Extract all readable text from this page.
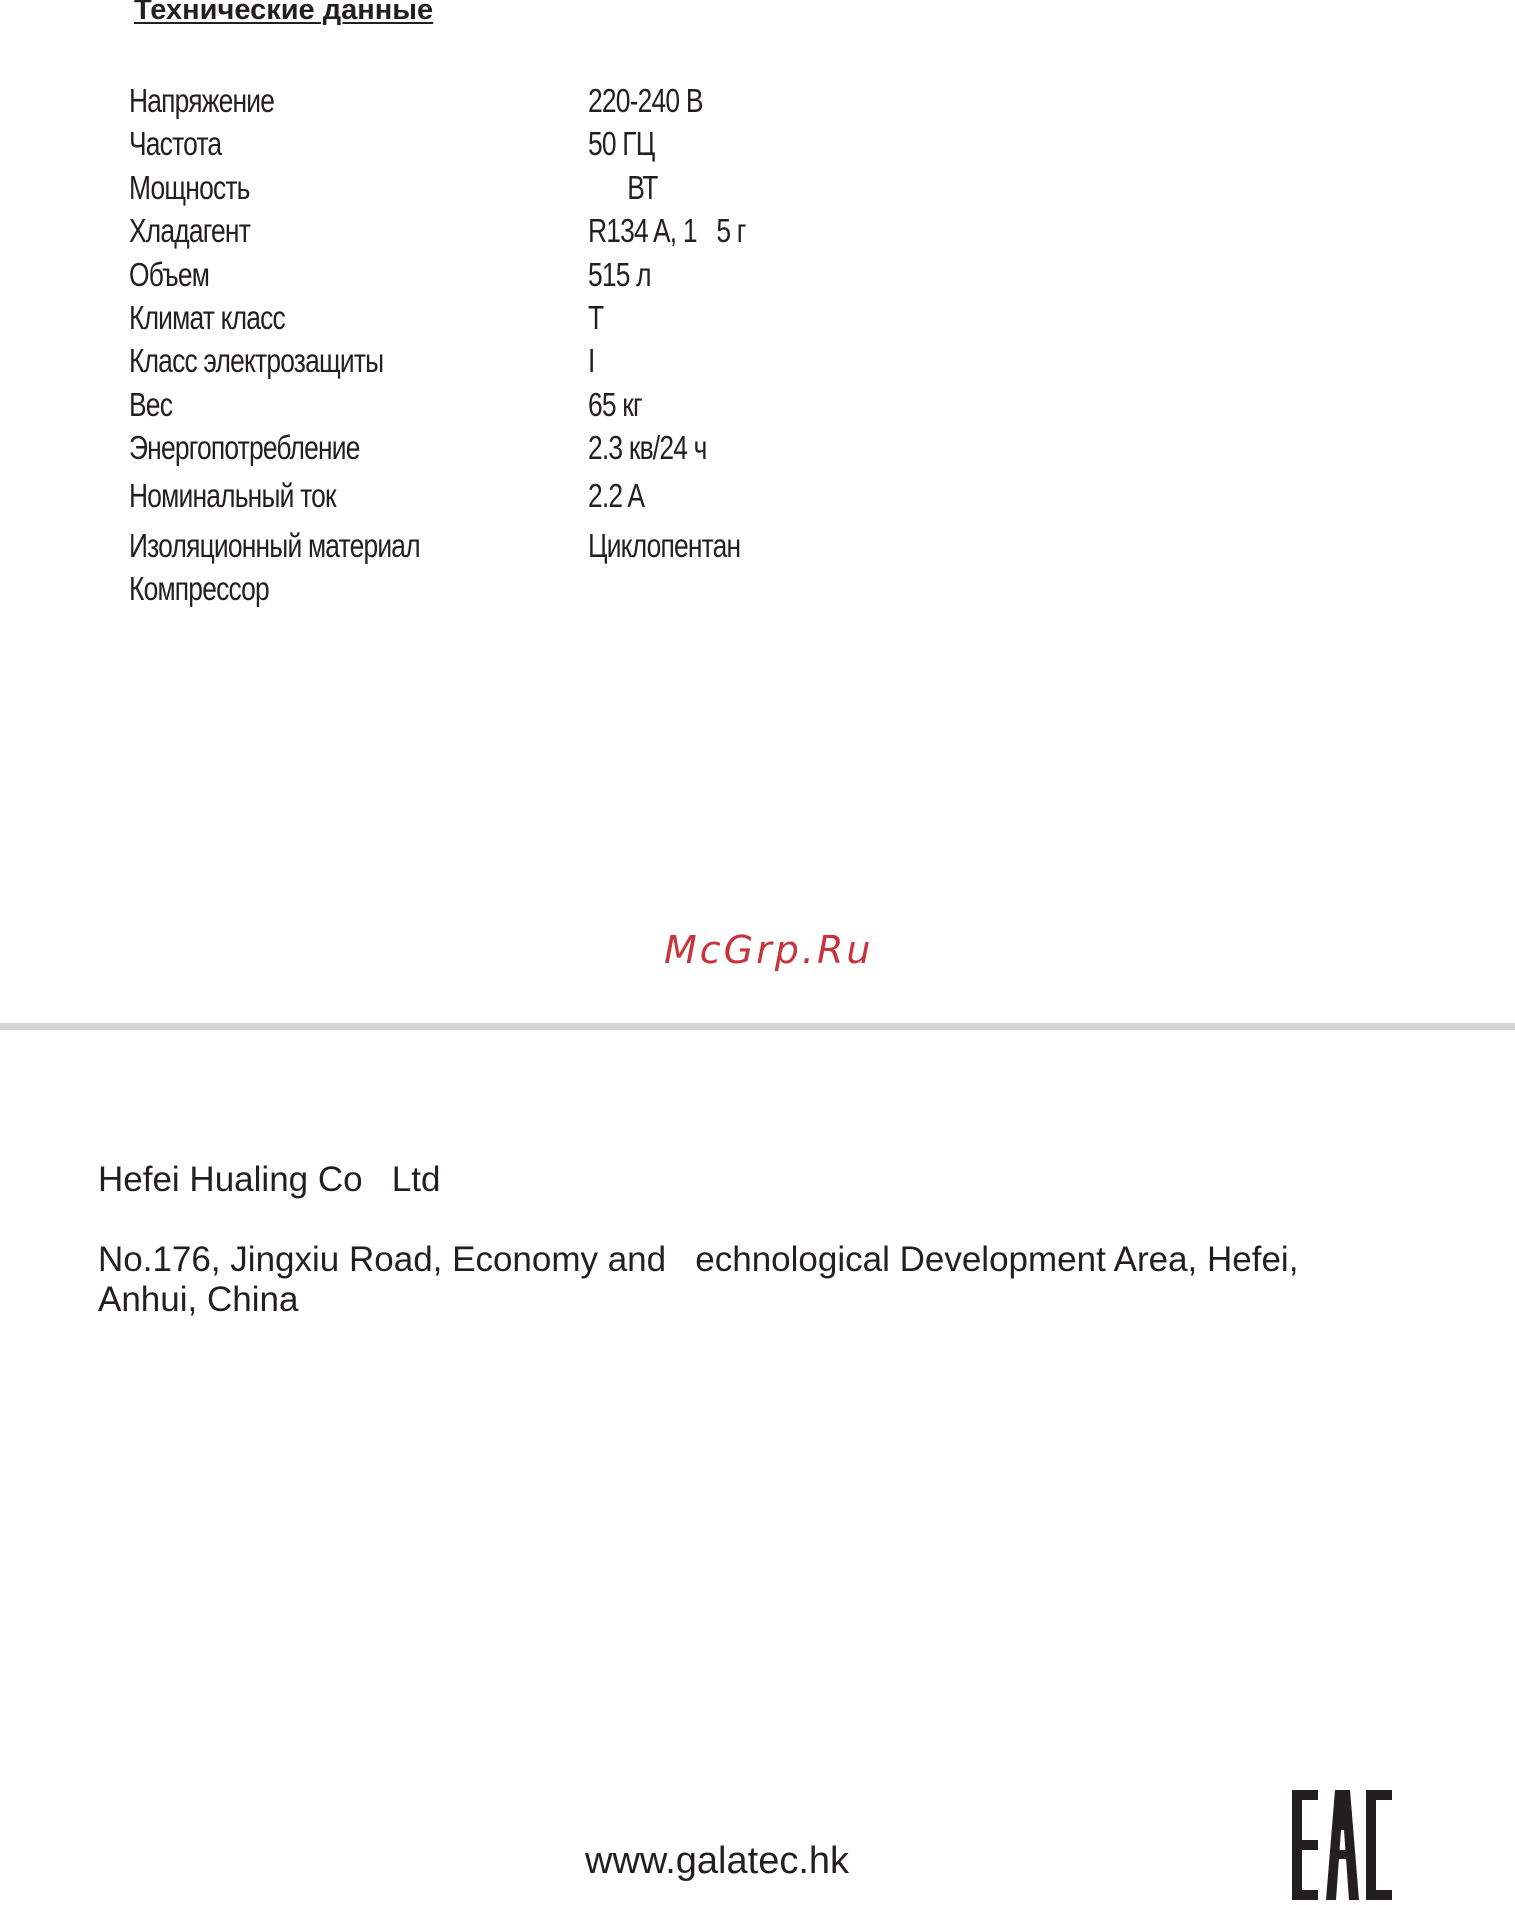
Технические данные
Напряжение	220-240 В
Частота	50 ГЦ
Мощность	ВТ
Хладагент	R134 A, 1   5 г
Объем	515 л
Климат класс	T
Класс электрозащиты	I
Вес	65 кг
Энергопотребление	2.3 кв/24 ч
Номинальный ток	2.2 A
Изоляционный материал	Циклопентан
Компрессор
McGrp.Ru
Hefei Hualing Co   Ltd
No.176, Jingxiu Road, Economy and   echnological Development Area, Hefei,
Anhui, China
www.galatec.hk
